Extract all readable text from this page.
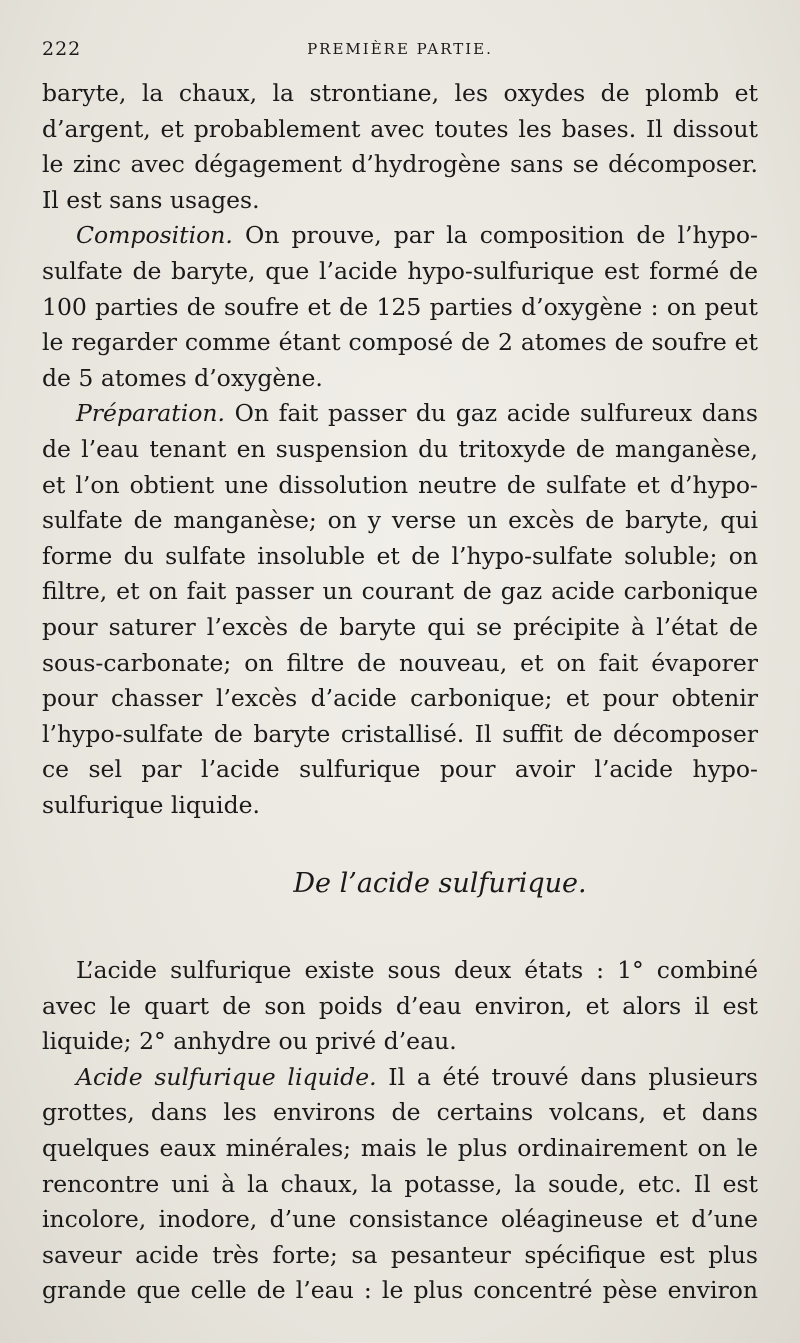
222	PREMIÈRE PARTIE.
baryte, la chaux, la strontiane, les oxydes de plomb et
d’argent, et probablement avec toutes les bases. Il dissout
le zinc avec dégagement d’hydrogène sans se décomposer.
Il est sans usages.
Composition. On prouve, par la composition de l’hypo-
sulfate de baryte, que l’acide hypo-sulfurique est formé de
100 parties de soufre et de 125 parties d’oxygène : on peut
le regarder comme étant composé de 2 atomes de soufre et
de 5 atomes d’oxygène.
Préparation. On fait passer du gaz acide sulfureux dans
de l’eau tenant en suspension du tritoxyde de manganèse,
et l’on obtient une dissolution neutre de sulfate et d’hypo-
sulfate de manganèse; on y verse un excès de baryte, qui
forme du sulfate insoluble et de l’hypo-sulfate soluble; on
filtre, et on fait passer un courant de gaz acide carbonique
pour saturer l’excès de baryte qui se précipite à l’état de
sous-carbonate; on filtre de nouveau, et on fait évaporer
pour chasser l’excès d’acide carbonique; et pour obtenir
l’hypo-sulfate de baryte cristallisé. Il suffit de décomposer
ce sel par l’acide sulfurique pour avoir l’acide hypo-
sulfurique liquide.
De l’acide sulfurique.
L’acide sulfurique existe sous deux états : 1° combiné
avec le quart de son poids d’eau environ, et alors il est
liquide; 2° anhydre ou privé d’eau.
Acide sulfurique liquide. Il a été trouvé dans plusieurs
grottes, dans les environs de certains volcans, et dans
quelques eaux minérales; mais le plus ordinairement on le
rencontre uni à la chaux, la potasse, la soude, etc. Il est
incolore, inodore, d’une consistance oléagineuse et d’une
saveur acide très forte; sa pesanteur spécifique est plus
grande que celle de l’eau : le plus concentré pèse environ
